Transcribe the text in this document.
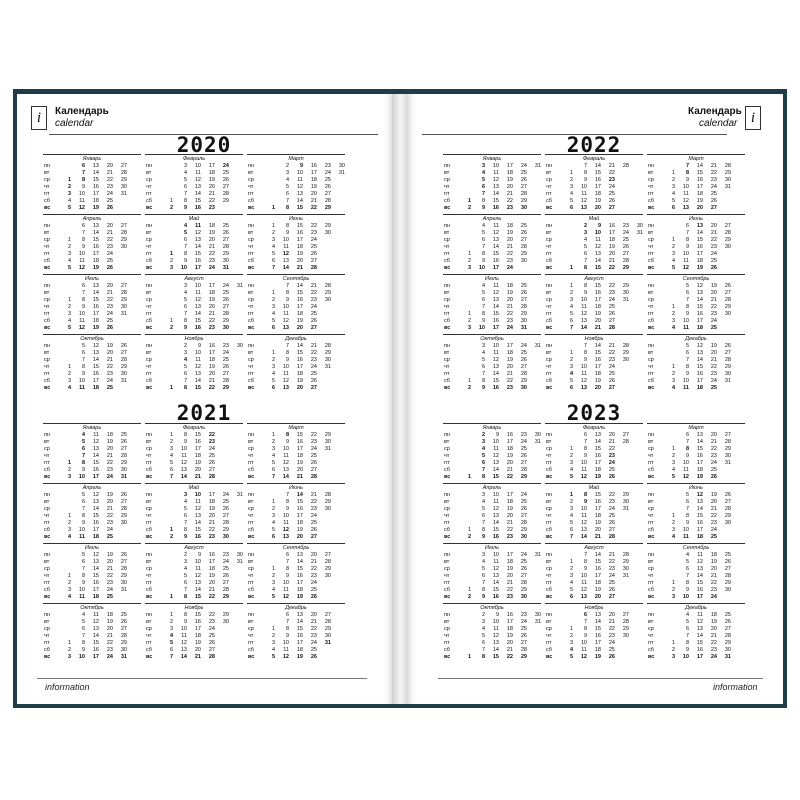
i	Календарь
calendar
2020
Январь
пн	6	13	20	27
вт	7	14	21	28
ср	1	8	15	22	29
чт	2	9	16	23	30
пт	3	10	17	24	31
сб	4	11	18	25
вс	5	12	19	26
Февраль
пн	3	10	17	24
вт	4	11	18	25
ср	5	12	19	26
чт	6	13	20	27
пт	7	14	21	28
сб	1	8	15	22	29
вс	2	9	16	23
Март
пн	2	9	16	23	30
вт	3	10	17	24	31
ср	4	11	18	25
чт	5	12	19	26
пт	6	13	20	27
сб	7	14	21	28
вс	1	8	15	22	29
Апрель
пн	6	13	20	27
вт	7	14	21	28
ср	1	8	15	22	29
чт	2	9	16	23	30
пт	3	10	17	24
сб	4	11	18	25
вс	5	12	19	26
Май
пн	4	11	18	25
вт	5	12	19	26
ср	6	13	20	27
чт	7	14	21	28
пт	1	8	15	22	29
сб	2	9	16	23	30
вс	3	10	17	24	31
Июнь
пн	1	8	15	22	29
вт	2	9	16	23	30
ср	3	10	17	24
чт	4	11	18	25
пт	5	12	19	26
сб	6	13	20	27
вс	7	14	21	28
Июль
пн	6	13	20	27
вт	7	14	21	28
ср	1	8	15	22	29
чт	2	9	16	23	30
пт	3	10	17	24	31
сб	4	11	18	25
вс	5	12	19	26
Август
пн	3	10	17	24	31
вт	4	11	18	25
ср	5	12	19	26
чт	6	13	20	27
пт	7	14	21	28
сб	1	8	15	22	29
вс	2	9	16	23	30
Сентябрь
пн	7	14	21	28
вт	1	8	15	22	29
ср	2	9	16	23	30
чт	3	10	17	24
пт	4	11	18	25
сб	5	12	19	26
вс	6	13	20	27
Октябрь
пн	5	12	19	26
вт	6	13	20	27
ср	7	14	21	28
чт	1	8	15	22	29
пт	2	9	16	23	30
сб	3	10	17	24	31
вс	4	11	18	25
Ноябрь
пн	2	9	16	23	30
вт	3	10	17	24
ср	4	11	18	25
чт	5	12	19	26
пт	6	13	20	27
сб	7	14	21	28
вс	1	8	15	22	29
Декабрь
пн	7	14	21	28
вт	1	8	15	22	29
ср	2	9	16	23	30
чт	3	10	17	24	31
пт	4	11	18	25
сб	5	12	19	26
вс	6	13	20	27
2021
Январь
пн	4	11	18	25
вт	5	12	19	26
ср	6	13	20	27
чт	7	14	21	28
пт	1	8	15	22	29
сб	2	9	16	23	30
вс	3	10	17	24	31
Февраль
пн	1	8	15	22
вт	2	9	16	23
ср	3	10	17	24
чт	4	11	18	25
пт	5	12	19	26
сб	6	13	20	27
вс	7	14	21	28
Март
пн	1	8	15	22	29
вт	2	9	16	23	30
ср	3	10	17	24	31
чт	4	11	18	25
пт	5	12	19	26
сб	6	13	20	27
вс	7	14	21	28
Апрель
пн	5	12	19	26
вт	6	13	20	27
ср	7	14	21	28
чт	1	8	15	22	29
пт	2	9	16	23	30
сб	3	10	17	24
вс	4	11	18	25
Май
пн	3	10	17	24	31
вт	4	11	18	25
ср	5	12	19	26
чт	6	13	20	27
пт	7	14	21	28
сб	1	8	15	22	29
вс	2	9	16	23	30
Июнь
пн	7	14	21	28
вт	1	8	15	22	29
ср	2	9	16	23	30
чт	3	10	17	24
пт	4	11	18	25
сб	5	12	19	26
вс	6	13	20	27
Июль
пн	5	12	19	26
вт	6	13	20	27
ср	7	14	21	28
чт	1	8	15	22	29
пт	2	9	16	23	30
сб	3	10	17	24	31
вс	4	11	18	25
Август
пн	2	9	16	23	30
вт	3	10	17	24	31
ср	4	11	18	25
чт	5	12	19	26
пт	6	13	20	27
сб	7	14	21	28
вс	1	8	15	22	29
Сентябрь
пн	6	13	20	27
вт	7	14	21	28
ср	1	8	15	22	29
чт	2	9	16	23	30
пт	3	10	17	24
сб	4	11	18	25
вс	5	12	19	26
Октябрь
пн	4	11	18	25
вт	5	12	19	26
ср	6	13	20	27
чт	7	14	21	28
пт	1	8	15	22	29
сб	2	9	16	23	30
вс	3	10	17	24	31
Ноябрь
пн	1	8	15	22	29
вт	2	9	16	23	30
ср	3	10	17	24
чт	4	11	18	25
пт	5	12	19	26
сб	6	13	20	27
вс	7	14	21	28
Декабрь
пн	6	13	20	27
вт	7	14	21	28
ср	1	8	15	22	29
чт	2	9	16	23	30
пт	3	10	17	24	31
сб	4	11	18	25
вс	5	12	19	26
information
Календарь
calendar i
2022
Январь
пн	3	10	17	24	31
вт	4	11	18	25
ср	5	12	19	26
чт	6	13	20	27
пт	7	14	21	28
сб	1	8	15	22	29
вс	2	9	16	23	30
Февраль
пн	7	14	21	28
вт	1	8	15	22
ср	2	9	16	23
чт	3	10	17	24
пт	4	11	18	25
сб	5	12	19	26
вс	6	13	20	27
Март
пн	7	14	21	28
вт	1	8	15	22	29
ср	2	9	16	23	30
чт	3	10	17	24	31
пт	4	11	18	25
сб	5	12	19	26
вс	6	13	20	27
Апрель
пн	4	11	18	25
вт	5	12	19	26
ср	6	13	20	27
чт	7	14	21	28
пт	1	8	15	22	29
сб	2	9	16	23	30
вс	3	10	17	24
Май
пн	2	9	16	23	30
вт	3	10	17	24	31
ср	4	11	18	25
чт	5	12	19	26
пт	6	13	20	27
сб	7	14	21	28
вс	1	8	15	22	29
Июнь
пн	6	13	20	27
вт	7	14	21	28
ср	1	8	15	22	29
чт	2	9	16	23	30
пт	3	10	17	24
сб	4	11	18	25
вс	5	12	19	26
Июль
пн	4	11	18	25
вт	5	12	19	26
ср	6	13	20	27
чт	7	14	21	28
пт	1	8	15	22	29
сб	2	9	16	23	30
вс	3	10	17	24	31
Август
пн	1	8	15	22	29
вт	2	9	16	23	30
ср	3	10	17	24	31
чт	4	11	18	25
пт	5	12	19	26
сб	6	13	20	27
вс	7	14	21	28
Сентябрь
пн	5	12	19	26
вт	6	13	20	27
ср	7	14	21	28
чт	1	8	15	22	29
пт	2	9	16	23	30
сб	3	10	17	24
вс	4	11	18	25
Октябрь
пн	3	10	17	24	31
вт	4	11	18	25
ср	5	12	19	26
чт	6	13	20	27
пт	7	14	21	28
сб	1	8	15	22	29
вс	2	9	16	23	30
Ноябрь
пн	7	14	21	28
вт	1	8	15	22	29
ср	2	9	16	23	30
чт	3	10	17	24
пт	4	11	18	25
сб	5	12	19	26
вс	6	13	20	27
Декабрь
пн	5	12	19	26
вт	6	13	20	27
ср	7	14	21	28
чт	1	8	15	22	29
пт	2	9	16	23	30
сб	3	10	17	24	31
вс	4	11	18	25
2023
Январь
пн	2	9	16	23	30
вт	3	10	17	24	31
ср	4	11	18	25
чт	5	12	19	26
пт	6	13	20	27
сб	7	14	21	28
вс	1	8	15	22	29
Февраль
пн	6	13	20	27
вт	7	14	21	28
ср	1	8	15	22
чт	2	9	16	23
пт	3	10	17	24
сб	4	11	18	25
вс	5	12	19	26
Март
пн	6	13	20	27
вт	7	14	21	28
ср	1	8	15	22	29
чт	2	9	16	23	30
пт	3	10	17	24	31
сб	4	11	18	25
вс	5	12	19	26
Апрель
пн	3	10	17	24
вт	4	11	18	25
ср	5	12	19	26
чт	6	13	20	27
пт	7	14	21	28
сб	1	8	15	22	29
вс	2	9	16	23	30
Май
пн	1	8	15	22	29
вт	2	9	16	23	30
ср	3	10	17	24	31
чт	4	11	18	25
пт	5	12	19	26
сб	6	13	20	27
вс	7	14	21	28
Июнь
пн	5	12	19	26
вт	6	13	20	27
ср	7	14	21	28
чт	1	8	15	22	29
пт	2	9	16	23	30
сб	3	10	17	24
вс	4	11	18	25
Июль
пн	3	10	17	24	31
вт	4	11	18	25
ср	5	12	19	26
чт	6	13	20	27
пт	7	14	21	28
сб	1	8	15	22	29
вс	2	9	16	23	30
Август
пн	7	14	21	28
вт	1	8	15	22	29
ср	2	9	16	23	30
чт	3	10	17	24	31
пт	4	11	18	25
сб	5	12	19	26
вс	6	13	20	27
Сентябрь
пн	4	11	18	25
вт	5	12	19	26
ср	6	13	20	27
чт	7	14	21	28
пт	1	8	15	22	29
сб	2	9	16	23	30
вс	3	10	17	24
Октябрь
пн	2	9	16	23	30
вт	3	10	17	24	31
ср	4	11	18	25
чт	5	12	19	26
пт	6	13	20	27
сб	7	14	21	28
вс	1	8	15	22	29
Ноябрь
пн	6	13	20	27
вт	7	14	21	28
ср	1	8	15	22	29
чт	2	9	16	23	30
пт	3	10	17	24
сб	4	11	18	25
вс	5	12	19	26
Декабрь
пн	4	11	18	25
вт	5	12	19	26
ср	6	13	20	27
чт	7	14	21	28
пт	1	8	15	22	29
сб	2	9	16	23	30
вс	3	10	17	24	31
information
